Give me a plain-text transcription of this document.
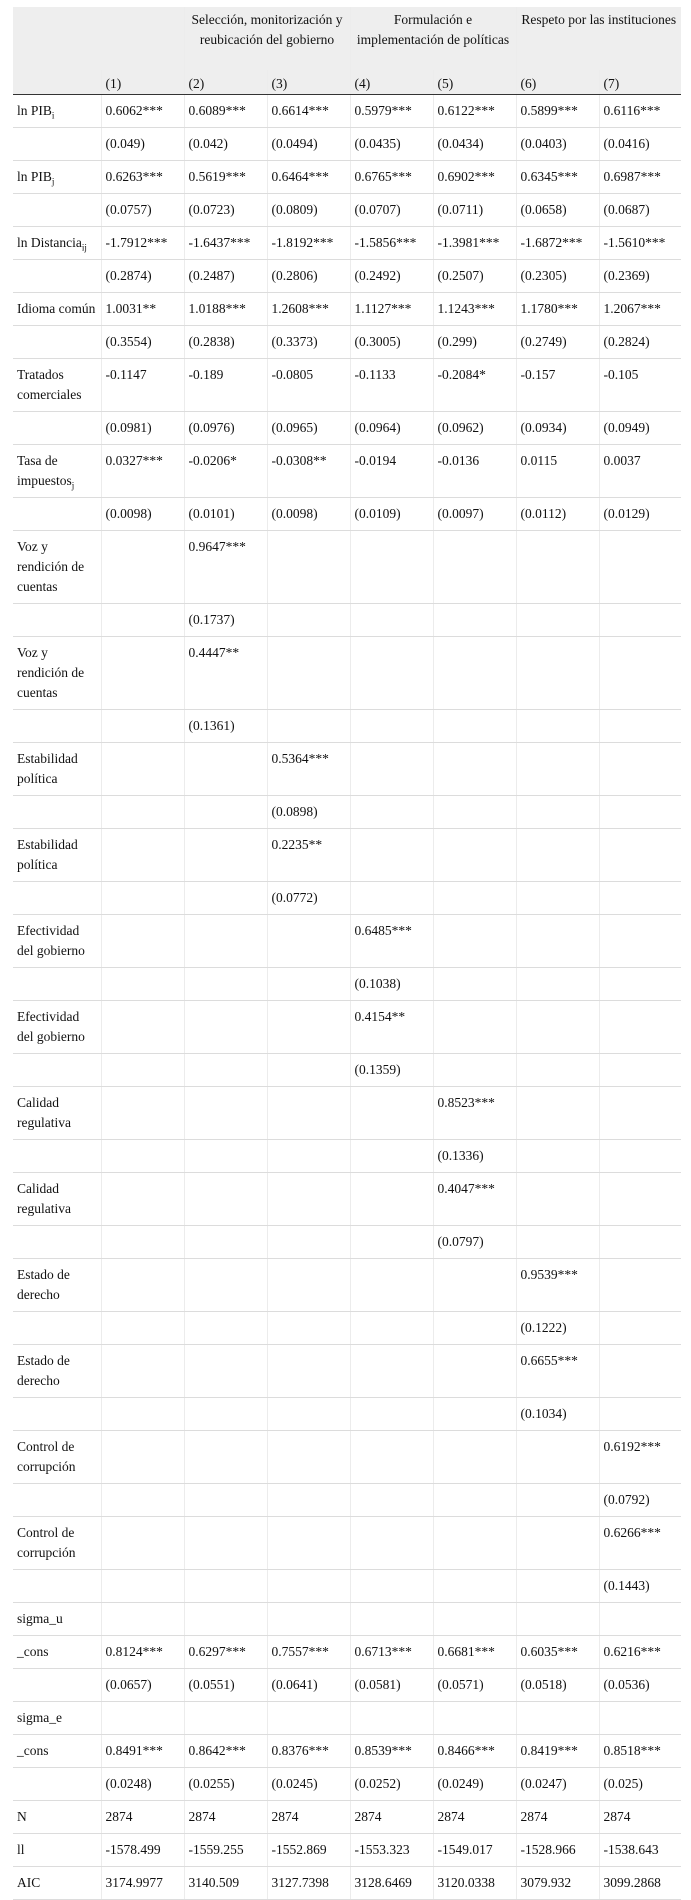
		Selección, monitorización y reubicación del gobierno		Formulación e implementación de políticas		Respeto por las instituciones	
	(1)	(2)	(3)	(4)	(5)	(6)	(7)
$\ln PIB_i$	0.6062***	0.6089***	0.6614***	0.5979***	0.6122***	0.5899***	0.6116***
	(0.049)	(0.042)	(0.0494)	(0.0435)	(0.0434)	(0.0403)	(0.0416)
$\ln PIB_j$	0.6263***	0.5619***	0.6464***	0.6765***	0.6902***	0.6345***	0.6987***
	(0.0757)	(0.0723)	(0.0809)	(0.0707)	(0.0711)	(0.0658)	(0.0687)
ln Distancia$_{ij}$	-1.7912***	-1.6437***	-1.8192***	-1.5856***	-1.3981***	-1.6872***	-1.5610***
	(0.2874)	(0.2487)	(0.2806)	(0.2492)	(0.2507)	(0.2305)	(0.2369)
Idioma común	1.0031**	1.0188***	1.2608***	1.1127***	1.1243***	1.1780***	1.2067***
	(0.3554)	(0.2838)	(0.3373)	(0.3005)	(0.299)	(0.2749)	(0.2824)
Tratados comerciales	-0.1147	-0.189	-0.0805	-0.1133	-0.2084*	-0.157	-0.105
	(0.0981)	(0.0976)	(0.0965)	(0.0964)	(0.0962)	(0.0934)	(0.0949)
Tasa de impuestos$_j$	0.0327***	-0.0206*	-0.0308**	-0.0194	-0.0136	0.0115	0.0037
	(0.0098)	(0.0101)	(0.0098)	(0.0109)	(0.0097)	(0.0112)	(0.0129)
Voz y rendición de cuentas		0.9647***					
		(0.1737)					
Voz y rendición de cuentas		0.4447**					
		(0.1361)					
Estabilidad política			0.5364***				
			(0.0898)				
Estabilidad política			0.2235**				
			(0.0772)				
Efectividad del gobierno				0.6485***			
				(0.1038)			
Efectividad del gobierno				0.4154**			
				(0.1359)			
Calidad regulativa					0.8523***		
					(0.1336)		
Calidad regulativa					0.4047***		
					(0.0797)		
Estado de derecho						0.9539***	
						(0.1222)	
Estado de derecho						0.6655***	
						(0.1034)	
Control de corrupción							0.6192***
							(0.0792)
Control de corrupción							0.6266***
							(0.1443)
sigma_u							
_cons	0.8124***	0.6297***	0.7557***	0.6713***	0.6681***	0.6035***	0.6216***
	(0.0657)	(0.0551)	(0.0641)	(0.0581)	(0.0571)	(0.0518)	(0.0536)
sigma_e							
_cons	0.8491***	0.8642***	0.8376***	0.8539***	0.8466***	0.8419***	0.8518***
	(0.0248)	(0.0255)	(0.0245)	(0.0252)	(0.0249)	(0.0247)	(0.025)
N	2874	2874	2874	2874	2874	2874	2874
ll	-1578.499	-1559.255	-1552.869	-1553.323	-1549.017	-1528.966	-1538.643
AIC	3174.9977	3140.509	3127.7398	3128.6469	3120.0338	3079.932	3099.2868
